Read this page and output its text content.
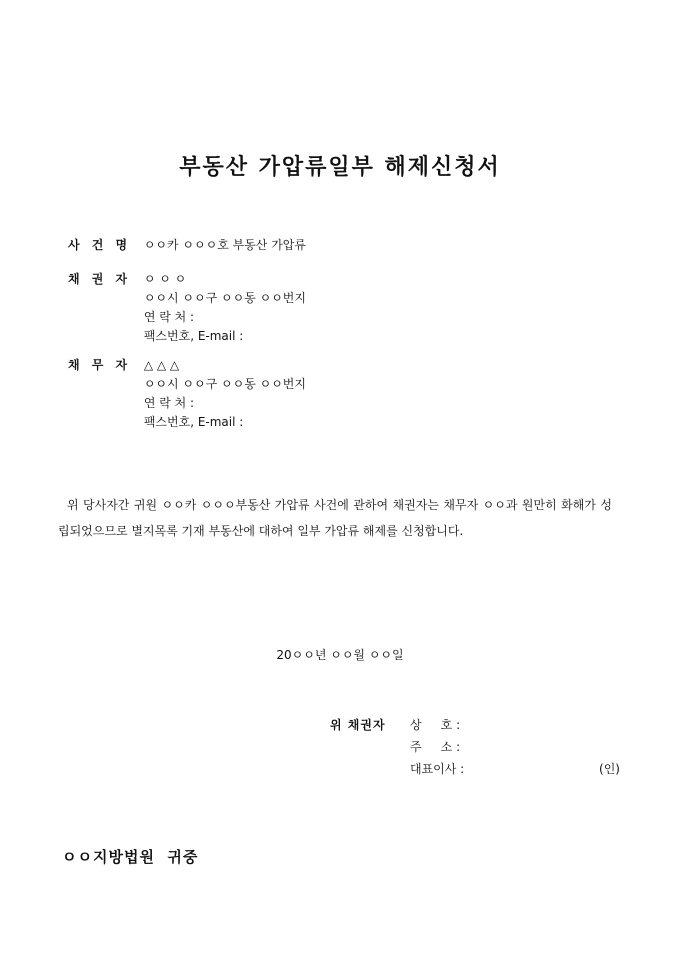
부동산 가압류일부 해제신청서
사 건 명 ㅇㅇ카 ㅇㅇㅇ호 부동산 가압류
채 권 자 ㅇ ㅇ ㅇ
ㅇㅇ시 ㅇㅇ구 ㅇㅇ동 ㅇㅇ번지
연 락 처 :
팩스번호, E-mail :
채 무 자 △ △ △
ㅇㅇ시 ㅇㅇ구 ㅇㅇ동 ㅇㅇ번지
연 락 처 :
팩스번호, E-mail :
위 당사자간 귀원 ㅇㅇ카 ㅇㅇㅇ부동산 가압류 사건에 관하여 채권자는 채무자 ㅇㅇ과 원만히 화해가 성립되었으므로 별지목록 기재 부동산에 대하여 일부 가압류 해제를 신청합니다.
20ㅇㅇ년 ㅇㅇ월 ㅇㅇ일
위 채권자	상     호 :
주     소 :
대표이사 :	(인)
ㅇㅇ지방법원  귀중
